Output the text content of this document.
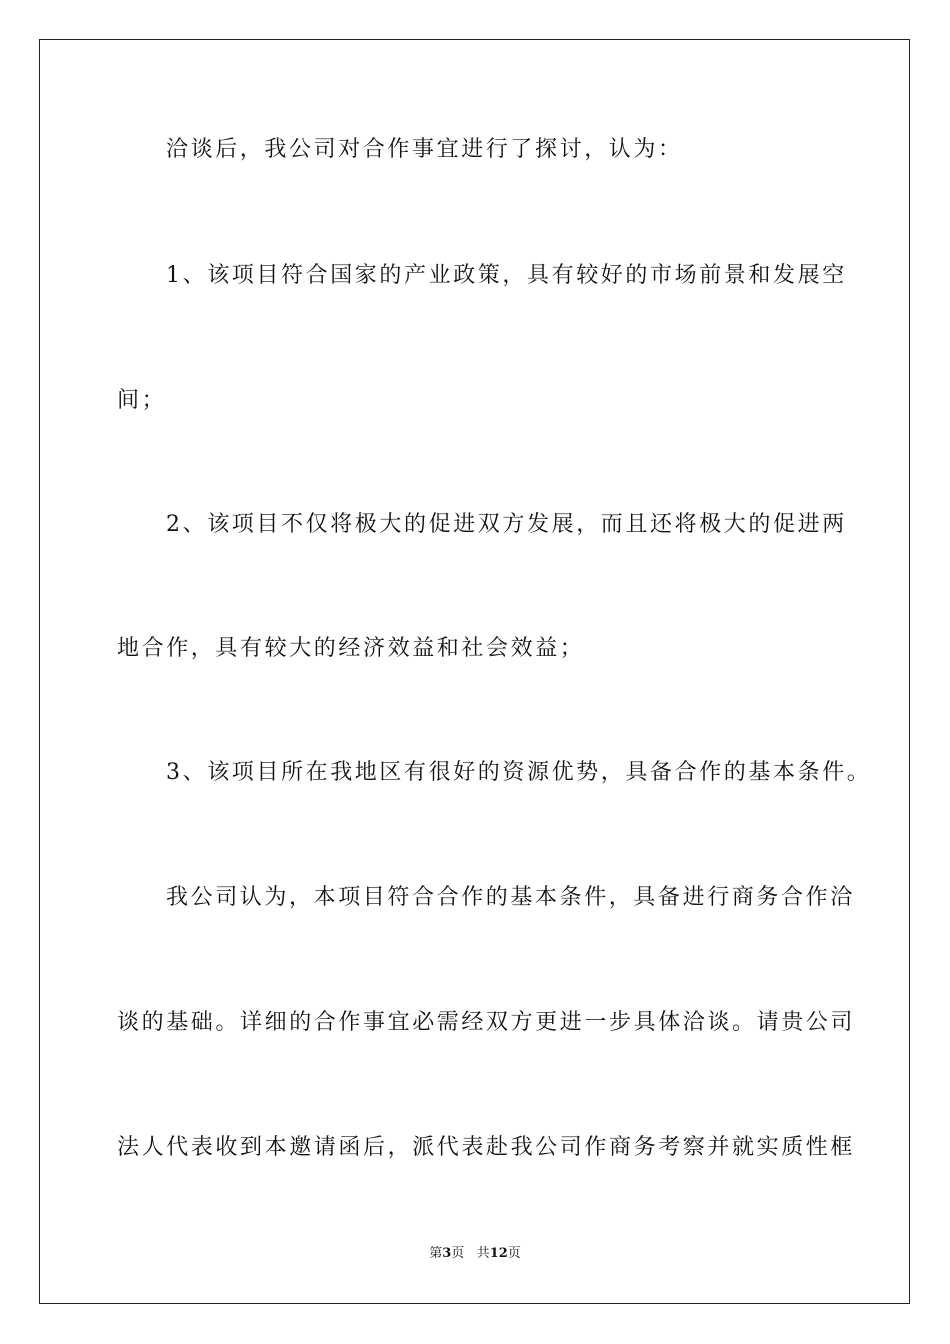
洽谈后，我公司对合作事宜进行了探讨，认为：
1、该项目符合国家的产业政策，具有较好的市场前景和发展空
间；
2、该项目不仅将极大的促进双方发展，而且还将极大的促进两
地合作，具有较大的经济效益和社会效益；
3、该项目所在我地区有很好的资源优势，具备合作的基本条件。
我公司认为，本项目符合合作的基本条件，具备进行商务合作洽
谈的基础。详细的合作事宜必需经双方更进一步具体洽谈。请贵公司
法人代表收到本邀请函后，派代表赴我公司作商务考察并就实质性框
第3页 共12页
